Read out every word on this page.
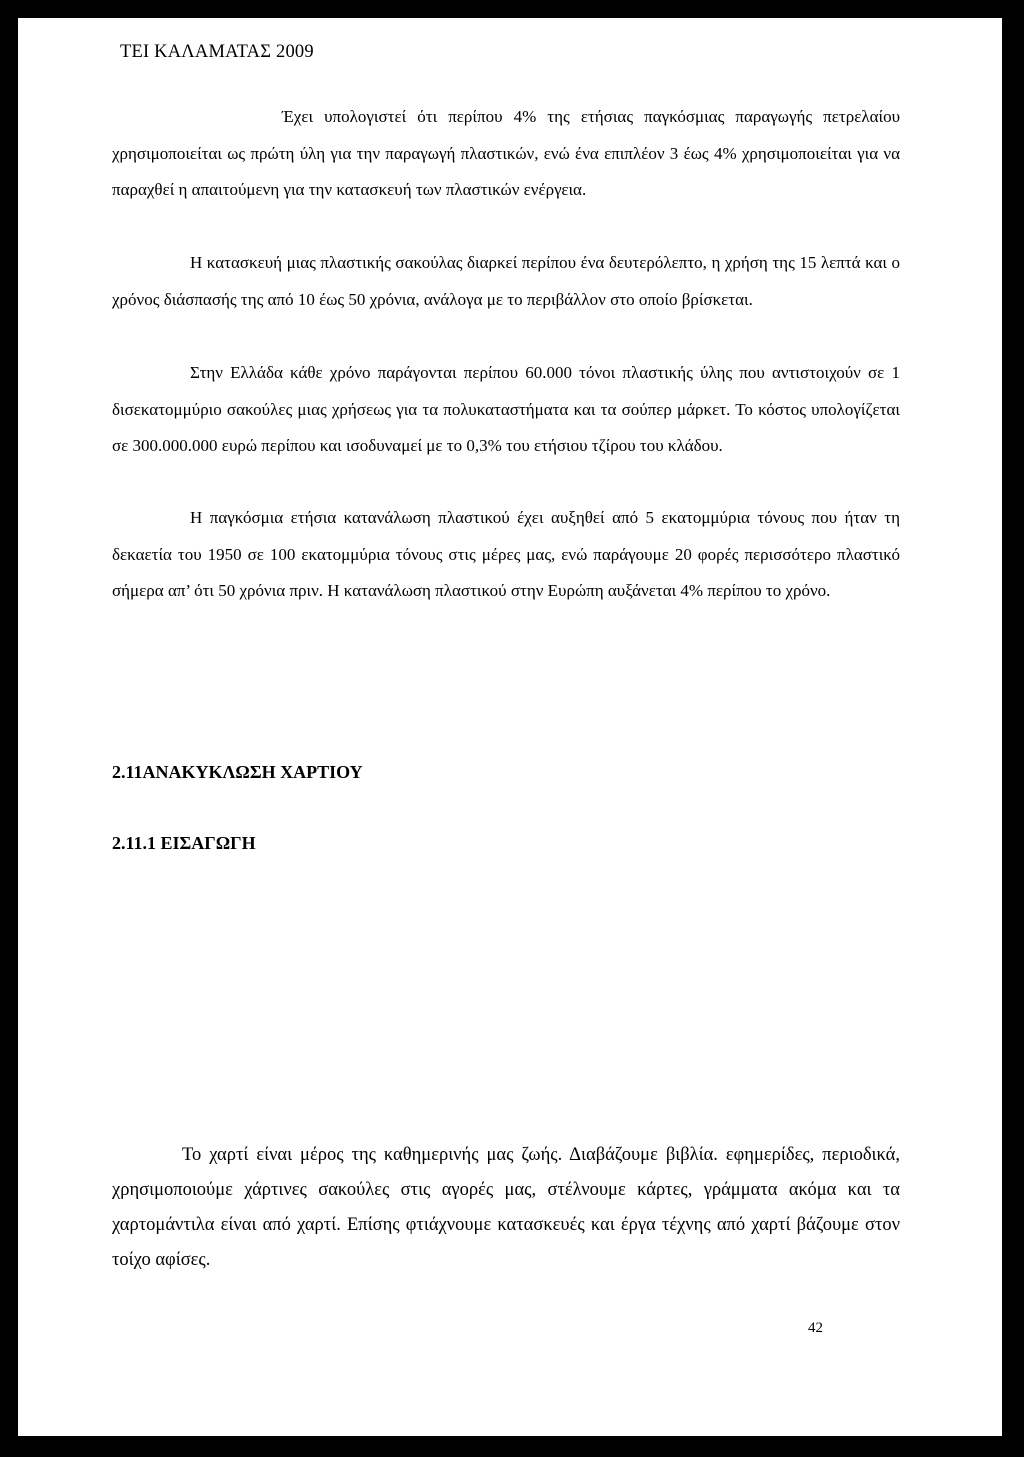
ΤΕΙ ΚΑΛΑΜΑΤΑΣ 2009

Έχει υπολογιστεί ότι περίπου 4% της ετήσιας παγκόσμιας παραγωγής πετρελαίου χρησιμοποιείται ως πρώτη ύλη για την παραγωγή πλαστικών, ενώ ένα επιπλέον 3 έως 4% χρησιμοποιείται για να παραχθεί η απαιτούμενη για την κατασκευή των πλαστικών ενέργεια.

Η κατασκευή μιας πλαστικής σακούλας διαρκεί περίπου ένα δευτερόλεπτο, η χρήση της 15 λεπτά και ο χρόνος διάσπασής της από 10 έως 50 χρόνια, ανάλογα με το περιβάλλον στο οποίο βρίσκεται.

Στην Ελλάδα κάθε χρόνο παράγονται περίπου 60.000 τόνοι πλαστικής ύλης που αντιστοιχούν σε 1 δισεκατομμύριο σακούλες μιας χρήσεως για τα πολυκαταστήματα και τα σούπερ μάρκετ. Το κόστος υπολογίζεται σε 300.000.000 ευρώ περίπου και ισοδυναμεί με το 0,3% του ετήσιου τζίρου του κλάδου.

Η παγκόσμια ετήσια κατανάλωση πλαστικού έχει αυξηθεί από 5 εκατομμύρια τόνους που ήταν τη δεκαετία του 1950 σε 100 εκατομμύρια τόνους στις μέρες μας, ενώ παράγουμε 20 φορές περισσότερο πλαστικό σήμερα απ’ ότι 50 χρόνια πριν. Η κατανάλωση πλαστικού στην Ευρώπη αυξάνεται 4% περίπου το χρόνο.

2.11ΑΝΑΚΥΚΛΩΣΗ ΧΑΡΤΙΟΥ
2.11.1 ΕΙΣΑΓΩΓΗ

Το χαρτί είναι μέρος της καθημερινής μας ζωής. Διαβάζουμε βιβλία. εφημερίδες, περιοδικά, χρησιμοποιούμε χάρτινες σακούλες στις αγορές μας, στέλνουμε κάρτες, γράμματα ακόμα και τα χαρτομάντιλα είναι από χαρτί. Επίσης φτιάχνουμε κατασκευές και έργα τέχνης από χαρτί βάζουμε στον τοίχο αφίσες.

42
